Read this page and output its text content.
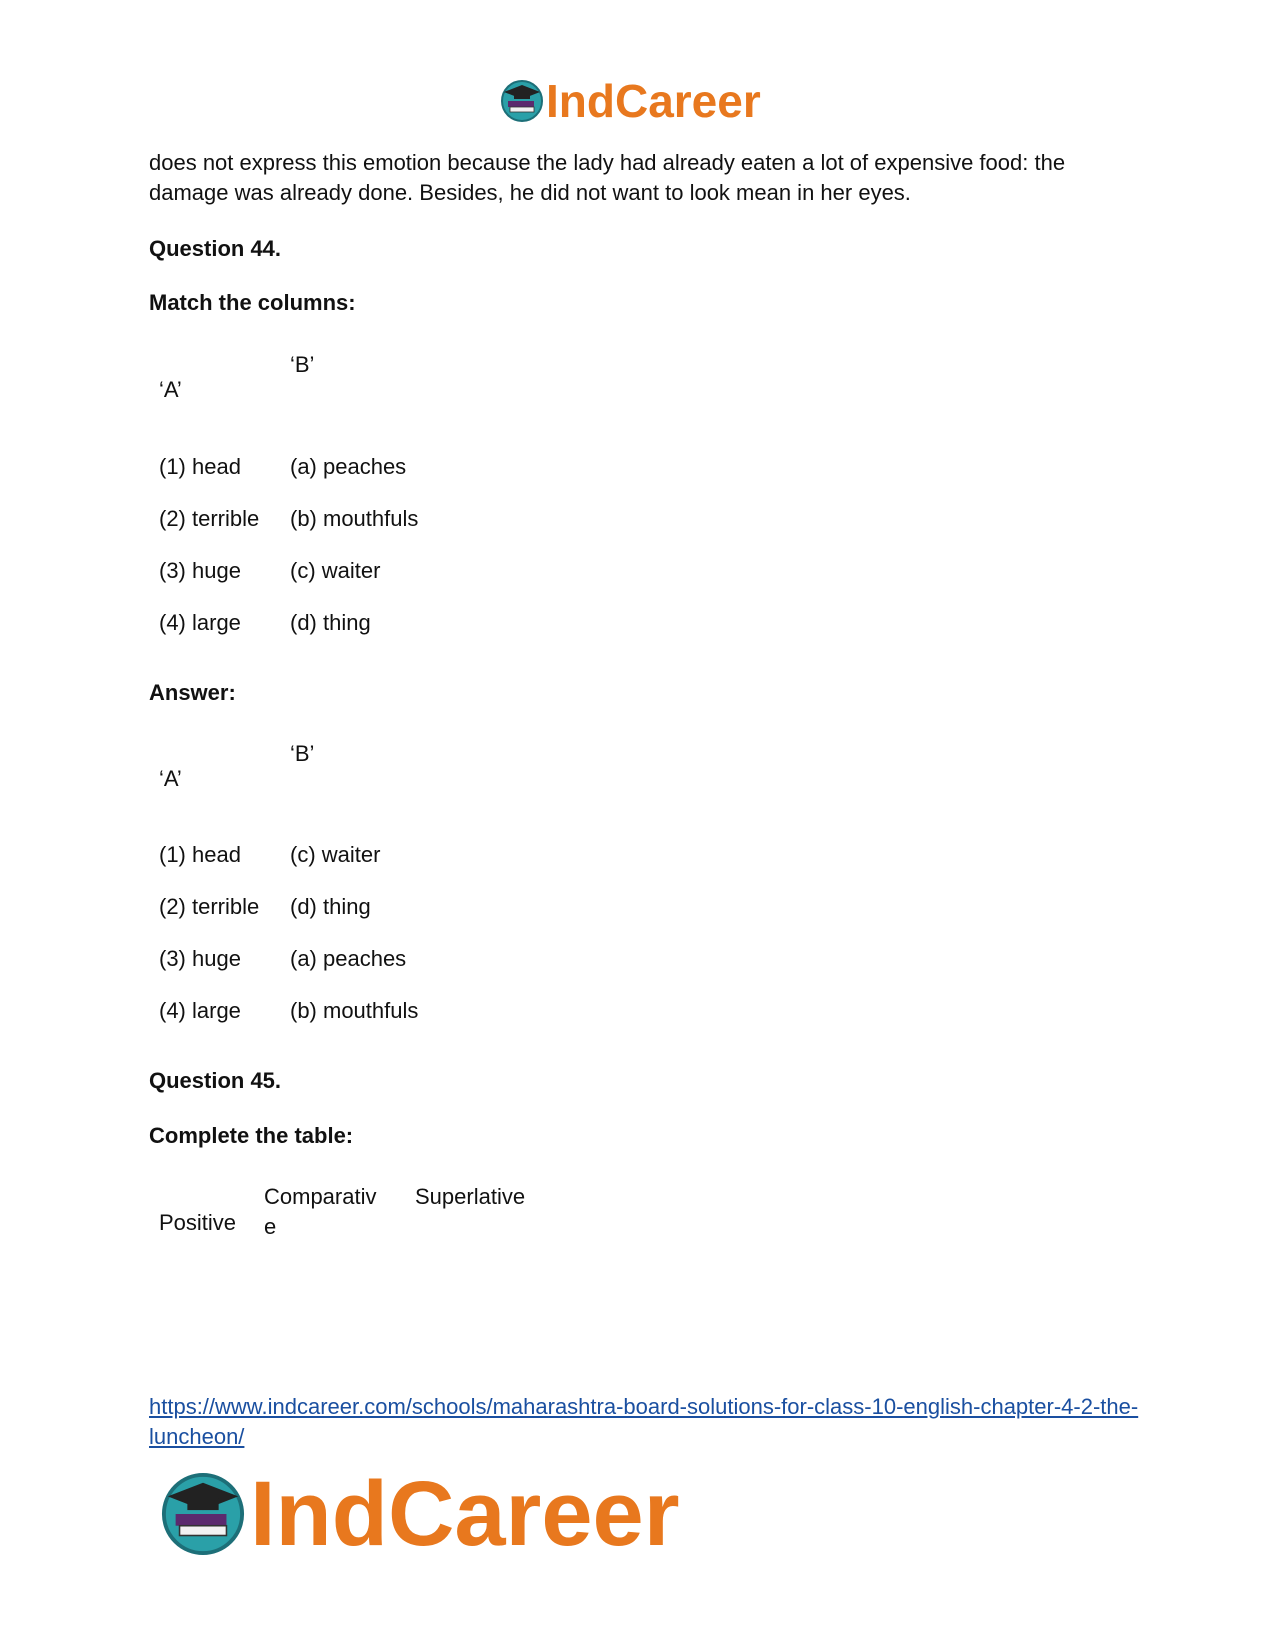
IndCareer
does not express this emotion because the lady had already eaten a lot of expensive food: the damage was already done. Besides, he did not want to look mean in her eyes.
Question 44.
Match the columns:
‘A’
‘B’
(1) head (a) peaches
(2) terrible (b) mouthfuls
(3) huge (c) waiter
(4) large (d) thing
Answer:
‘A’
‘B’
(1) head (c) waiter
(2) terrible (d) thing
(3) huge (a) peaches
(4) large (b) mouthfuls
Question 45.
Complete the table:
Positive
Comparativ
e
Superlative
https://www.indcareer.com/schools/maharashtra-board-solutions-for-class-10-english-chapter-4-2-the-luncheon/
IndCareer
